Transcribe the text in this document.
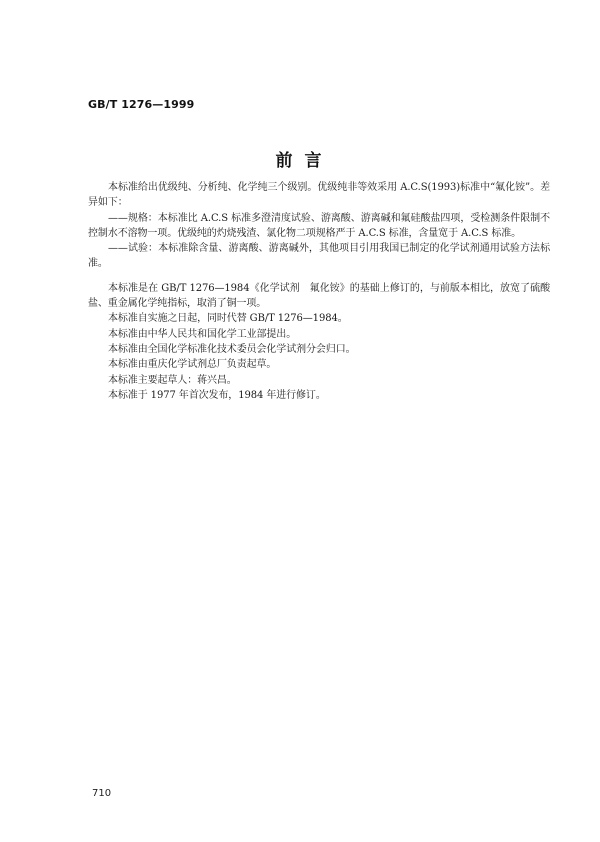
GB/T 1276—1999
前 言

本标准给出优级纯、分析纯、化学纯三个级别。优级纯非等效采用 A.C.S(1993)标准中“氟化铵”。差异如下：

——规格：本标准比 A.C.S 标准多澄清度试验、游离酸、游离碱和氟硅酸盐四项，受检测条件限制不控制水不溶物一项。优级纯的灼烧残渣、氯化物二项规格严于 A.C.S 标准，含量宽于 A.C.S 标准。

——试验：本标准除含量、游离酸、游离碱外，其他项目引用我国已制定的化学试剂通用试验方法标准。

本标准是在 GB/T 1276—1984《化学试剂　氟化铵》的基础上修订的，与前版本相比，放宽了硫酸盐、重金属化学纯指标，取消了铜一项。

本标准自实施之日起，同时代替 GB/T 1276—1984。

本标准由中华人民共和国化学工业部提出。

本标准由全国化学标准化技术委员会化学试剂分会归口。

本标准由重庆化学试剂总厂负责起草。

本标准主要起草人：蒋兴昌。

本标准于 1977 年首次发布，1984 年进行修订。

710
